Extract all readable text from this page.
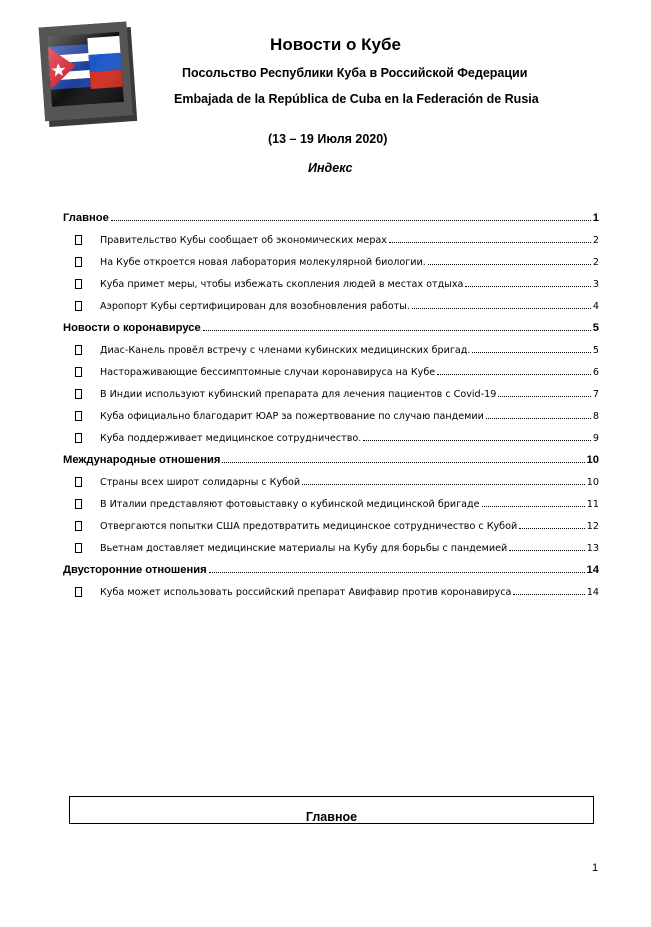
Новости о Кубе
Посольство Республики Куба в Российской Федерации
Embajada de la República de Cuba en la Federación de Rusia
(13 – 19 Июля 2020)
Индекс
Главное	1
Правительство Кубы сообщает об экономических мерах	2
На Кубе откроется новая лаборатория молекулярной биологии.	2
Куба примет меры, чтобы избежать скопления людей в местах отдыха	3
Аэропорт Кубы сертифицирован для возобновления работы.	4
Новости о коронавирусе	5
Диас-Канель провёл встречу с членами кубинских медицинских бригад.	5
Настораживающие бессимптомные случаи коронавируса на Кубе	6
В Индии используют кубинский препарата для лечения пациентов с Covid-19	7
Куба официально благодарит ЮАР за пожертвование по случаю пандемии	8
Куба поддерживает медицинское сотрудничество.	9
Международные отношения	10
Страны всех широт солидарны с Кубой	10
В Италии представляют фотовыставку о кубинской медицинской бригаде	11
Отвергаются попытки США предотвратить медицинское сотрудничество с Кубой	12
Вьетнам доставляет медицинские материалы на Кубу для борьбы с пандемией	13
Двусторонние отношения	14
Куба может использовать российский препарат Авифавир против коронавируса	14
Главное
1
